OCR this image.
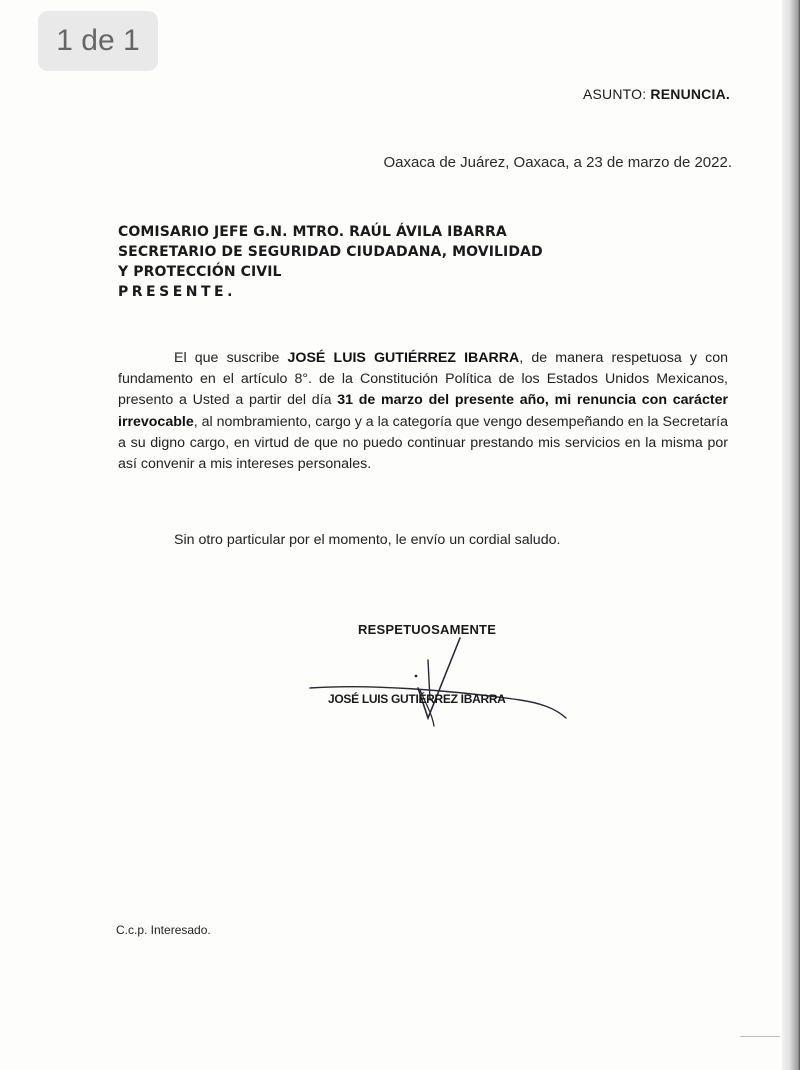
1 de 1
ASUNTO: RENUNCIA.
Oaxaca de Juárez, Oaxaca, a 23 de marzo de 2022.
COMISARIO JEFE G.N. MTRO. RAÚL ÁVILA IBARRA
SECRETARIO DE SEGURIDAD CIUDADANA, MOVILIDAD
Y PROTECCIÓN CIVIL
PRESENTE.
El que suscribe JOSÉ LUIS GUTIÉRREZ IBARRA, de manera respetuosa y con fundamento en el artículo 8°. de la Constitución Política de los Estados Unidos Mexicanos, presento a Usted a partir del día 31 de marzo del presente año, mi renuncia con carácter irrevocable, al nombramiento, cargo y a la categoría que vengo desempeñando en la Secretaría a su digno cargo, en virtud de que no puedo continuar prestando mis servicios en la misma por así convenir a mis intereses personales.
Sin otro particular por el momento, le envío un cordial saludo.
RESPETUOSAMENTE
JOSÉ LUIS GUTIÉRREZ IBARRA
C.c.p. Interesado.
